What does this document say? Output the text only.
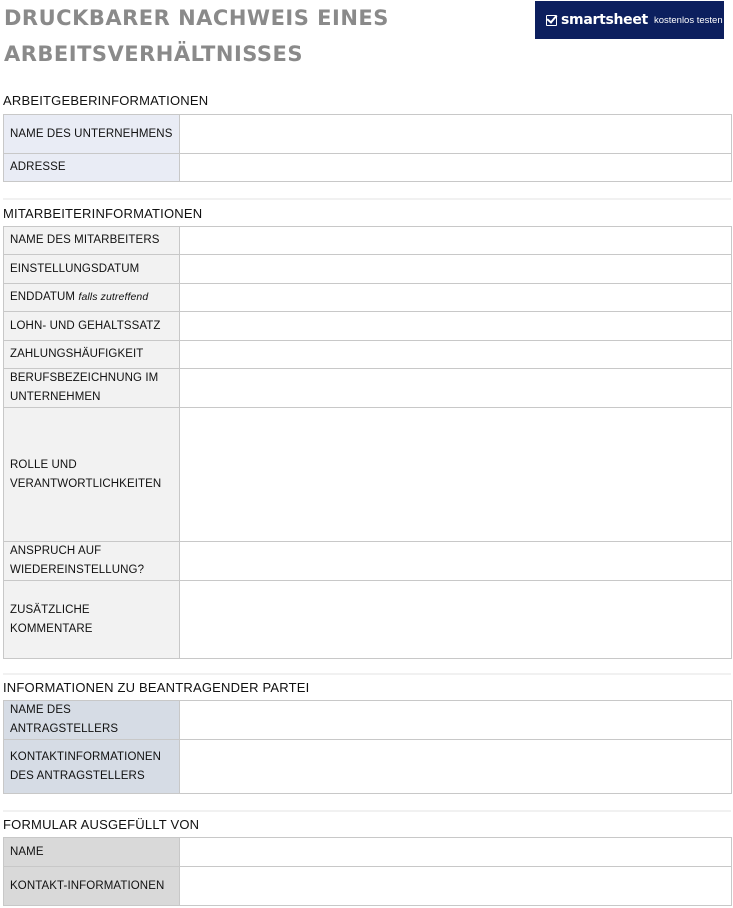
DRUCKBARER NACHWEIS EINES
ARBEITSVERHÄLTNISSES
smartsheet kostenlos testen
ARBEITGEBERINFORMATIONEN
NAME DES UNTERNEHMENS	
ADRESSE	
MITARBEITERINFORMATIONEN
NAME DES MITARBEITERS	
EINSTELLUNGSDATUM	
ENDDATUM falls zutreffend	
LOHN- UND GEHALTSSATZ	
ZAHLUNGSHÄUFIGKEIT	
BERUFSBEZEICHNUNG IM UNTERNEHMEN	
ROLLE UND VERANTWORTLICHKEITEN	
ANSPRUCH AUF WIEDEREINSTELLUNG?	
ZUSÄTZLICHE KOMMENTARE	
INFORMATIONEN ZU BEANTRAGENDER PARTEI
NAME DES ANTRAGSTELLERS	
KONTAKTINFORMATIONEN DES ANTRAGSTELLERS	
FORMULAR AUSGEFÜLLT VON
NAME	
KONTAKT-INFORMATIONEN	
